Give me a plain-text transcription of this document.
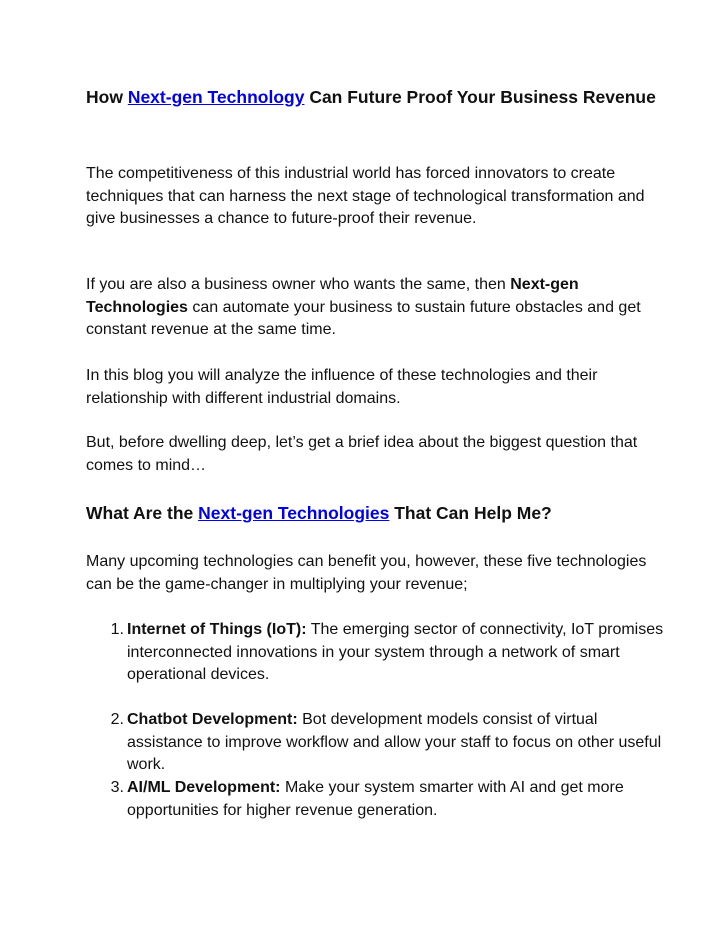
How Next-gen Technology Can Future Proof Your Business Revenue

The competitiveness of this industrial world has forced innovators to create techniques that can harness the next stage of technological transformation and give businesses a chance to future-proof their revenue.

If you are also a business owner who wants the same, then Next-gen Technologies can automate your business to sustain future obstacles and get constant revenue at the same time.

In this blog you will analyze the influence of these technologies and their relationship with different industrial domains.

But, before dwelling deep, let’s get a brief idea about the biggest question that comes to mind…

What Are the Next-gen Technologies That Can Help Me?

Many upcoming technologies can benefit you, however, these five technologies can be the game-changer in multiplying your revenue;

1. Internet of Things (IoT): The emerging sector of connectivity, IoT promises interconnected innovations in your system through a network of smart operational devices.
2. Chatbot Development: Bot development models consist of virtual assistance to improve workflow and allow your staff to focus on other useful work.
3. AI/ML Development: Make your system smarter with AI and get more opportunities for higher revenue generation.
